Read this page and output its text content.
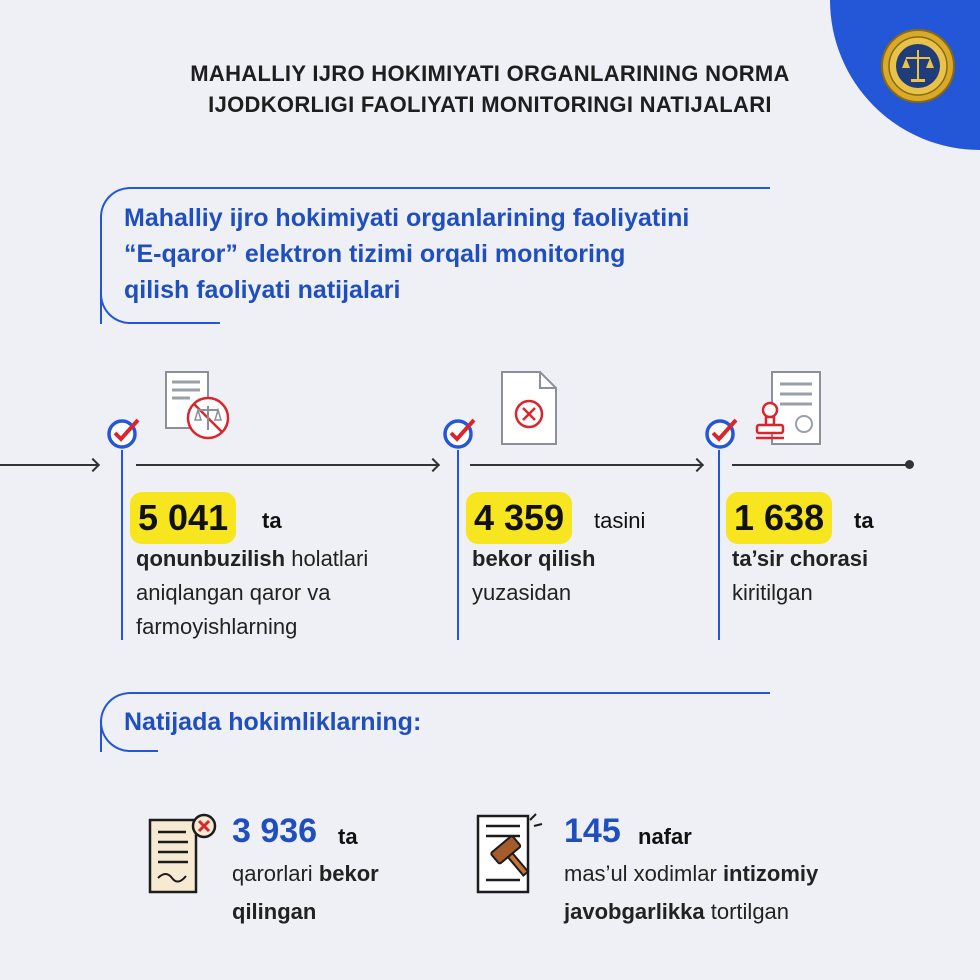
MAHALLIY IJRO HOKIMIYATI ORGANLARINING NORMA
IJODKORLIGI FAOLIYATI MONITORINGI NATIJALARI
Mahalliy ijro hokimiyati organlarining faoliyatini
“E-qaror” elektron tizimi orqali monitoring
qilish faoliyati natijalari
5 041	ta
qonunbuzilish holatlari
aniqlangan qaror va
farmoyishlarning
4 359	tasini
bekor qilish
yuzasidan
1 638	ta
ta’sir chorasi
kiritilgan
Natijada hokimliklarning:
3 936 ta
qarorlari bekor
qilingan
145 nafar
mas’ul xodimlar intizomiy
javobgarlikka tortilgan
